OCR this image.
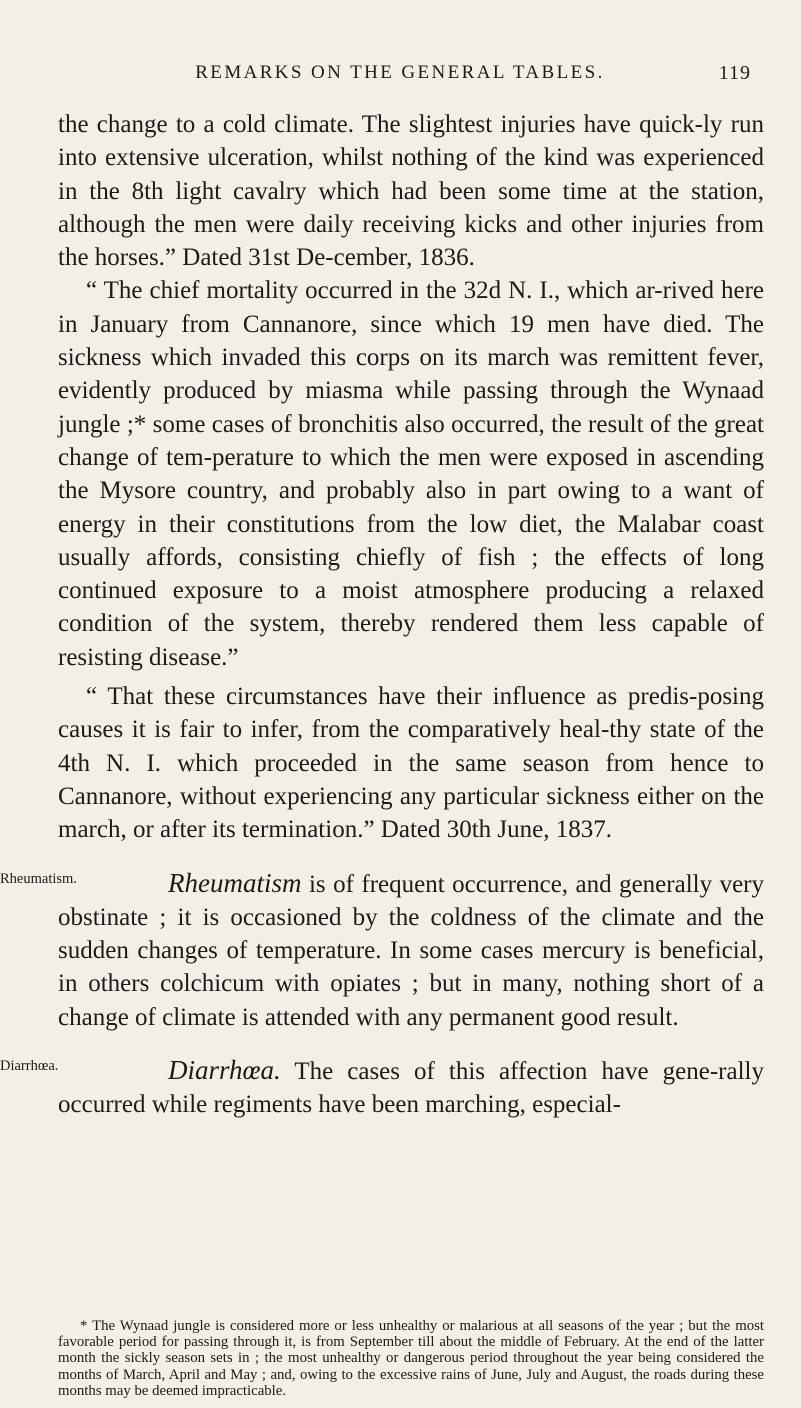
REMARKS ON THE GENERAL TABLES.	119

the change to a cold climate. The slightest injuries have quick-ly run into extensive ulceration, whilst nothing of the kind was experienced in the 8th light cavalry which had been some time at the station, although the men were daily receiving kicks and other injuries from the horses.” Dated 31st De-cember, 1836.

“ The chief mortality occurred in the 32d N. I., which ar-rived here in January from Cannanore, since which 19 men have died. The sickness which invaded this corps on its march was remittent fever, evidently produced by miasma while passing through the Wynaad jungle ;* some cases of bronchitis also occurred, the result of the great change of tem-perature to which the men were exposed in ascending the Mysore country, and probably also in part owing to a want of energy in their constitutions from the low diet, the Malabar coast usually affords, consisting chiefly of fish ; the effects of long continued exposure to a moist atmosphere producing a relaxed condition of the system, thereby rendered them less capable of resisting disease.”

“ That these circumstances have their influence as predis-posing causes it is fair to infer, from the comparatively heal-thy state of the 4th N. I. which proceeded in the same season from hence to Cannanore, without experiencing any particular sickness either on the march, or after its termination.” Dated 30th June, 1837.

Rheumatism.	Rheumatism is of frequent occurrence, and generally very obstinate ; it is occasioned by the coldness of the climate and the sudden changes of temperature. In some cases mercury is beneficial, in others colchicum with opiates ; but in many, nothing short of a change of climate is attended with any permanent good result.

Diarrhœa.	Diarrhœa. The cases of this affection have gene-rally occurred while regiments have been marching, especial-

* The Wynaad jungle is considered more or less unhealthy or malarious at all seasons of the year ; but the most favorable period for passing through it, is from September till about the middle of February. At the end of the latter month the sickly season sets in ; the most unhealthy or dangerous period throughout the year being considered the months of March, April and May ; and, owing to the excessive rains of June, July and August, the roads during these months may be deemed impracticable.
